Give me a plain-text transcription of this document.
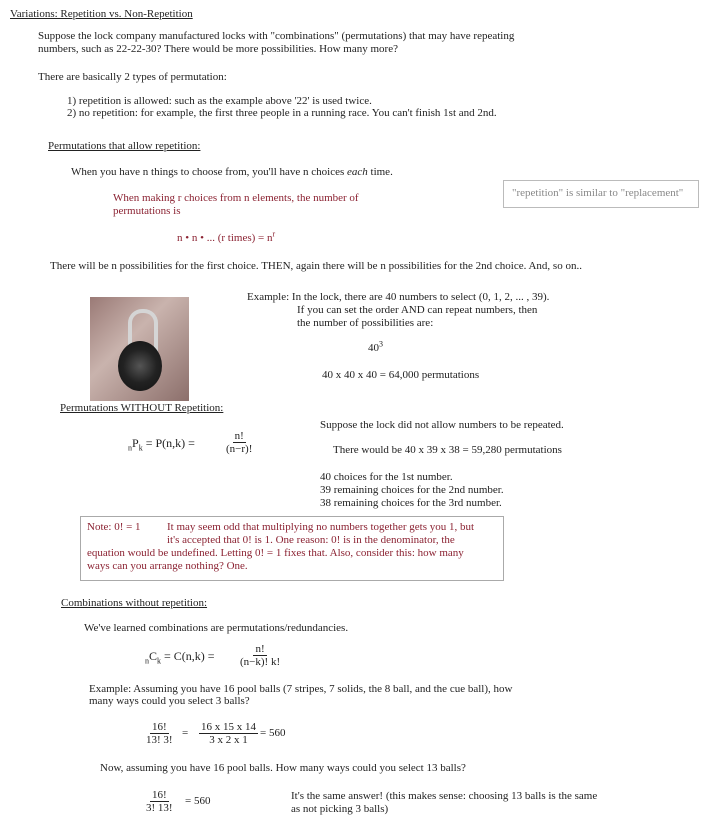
Variations: Repetition vs. Non-Repetition
Suppose the lock company manufactured locks with "combinations" (permutations) that may have repeating
numbers, such as 22-22-30? There would be more possibilities. How many more?
There are basically 2 types of permutation:
1) repetition is allowed: such as the example above '22' is used twice.
2) no repetition: for example, the first three people in a running race. You can't finish 1st and 2nd.
Permutations that allow repetition:
When you have n things to choose from, you'll have n choices each time.
When making r choices from n elements, the number of
permutations is
"repetition" is similar to "replacement"
n • n • ... (r times) = $n^r$
There will be n possibilities for the first choice. THEN, again there will be n possibilities for the 2nd choice. And, so on..
Example: In the lock, there are 40 numbers to select (0, 1, 2, ... , 39).
If you can set the order AND can repeat numbers, then
the number of possibilities are:
$40^3$
40 x 40 x 40 = 64,000 permutations
Permutations WITHOUT Repetition:
$_nP_k = P(n,k)$ =	$\frac{n!}{(n-r)!}$
Suppose the lock did not allow numbers to be repeated.
There would be 40 x 39 x 38 = 59,280 permutations
40 choices for the 1st number.
39 remaining choices for the 2nd number.
38 remaining choices for the 3rd number.
Note: 0! = 1 It may seem odd that multiplying no numbers together gets you 1, but
it's accepted that 0! is 1. One reason: 0! is in the denominator, the
equation would be undefined. Letting 0! = 1 fixes that. Also, consider this: how many
ways can you arrange nothing? One.
Combinations without repetition:
We've learned combinations are permutations/redundancies.
$_nC_k = C(n,k) = \frac{n!}{(n-k)! k!}$
Example: Assuming you have 16 pool balls (7 stripes, 7 solids, the 8 ball, and the cue ball), how
many ways could you select 3 balls?
$\frac{16!}{13! 3!} = \frac{16 x 15 x 14}{3 x 2 x 1} = 560$
Now, assuming you have 16 pool balls. How many ways could you select 13 balls?
$\frac{16!}{3! 13!} = 560$	It's the same answer! (this makes sense: choosing 13 balls is the same
as not picking 3 balls)
